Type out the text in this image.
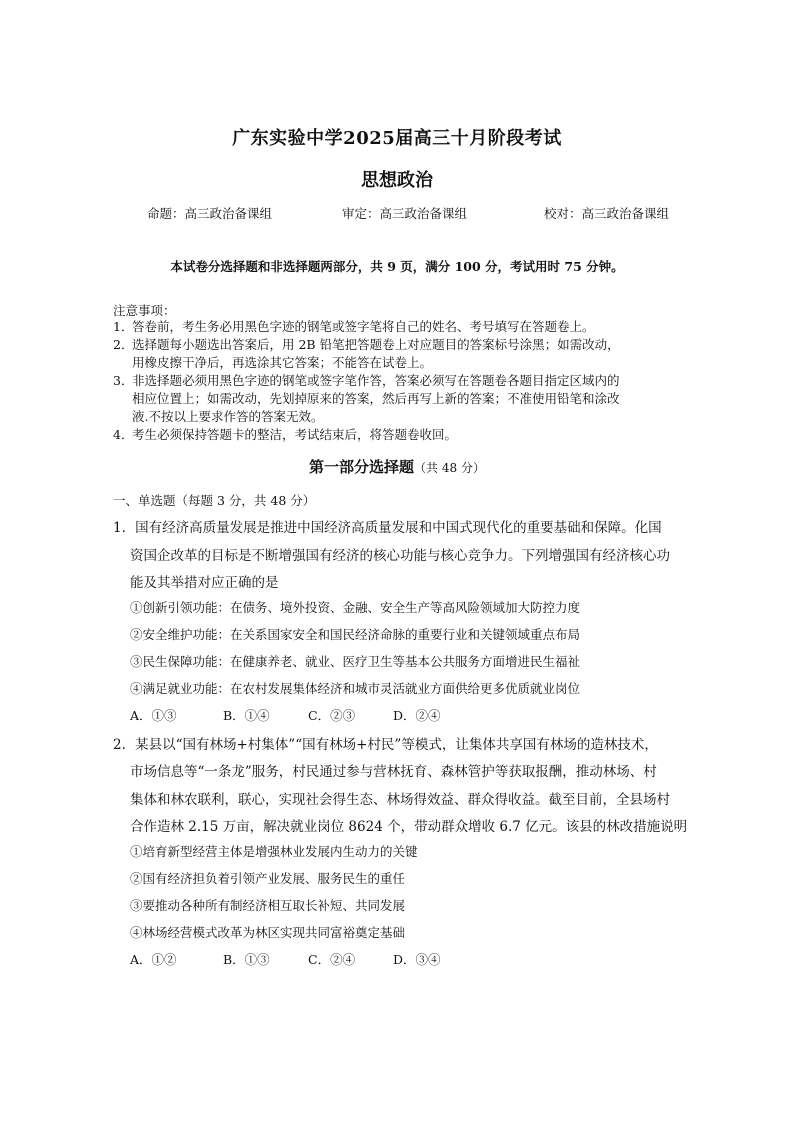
广东实验中学2025届高三十月阶段考试
思想政治
命题：高三政治备课组	审定：高三政治备课组	校对：高三政治备课组
本试卷分选择题和非选择题两部分，共 9 页，满分 100 分，考试用时 75 分钟。
注意事项：
1．
答卷前，考生务必用黑色字迹的钢笔或签字笔将自己的姓名、考号填写在答题卷上。
2．
选择题每小题选出答案后，用 2B 铅笔把答题卷上对应题目的答案标号涂黑；如需改动，
用橡皮擦干净后，再选涂其它答案；不能答在试卷上。
3．
非选择题必须用黑色字迹的钢笔或签字笔作答，答案必须写在答题卷各题目指定区域内的
相应位置上；如需改动，先划掉原来的答案，然后再写上新的答案；不准使用铅笔和涂改
液.不按以上要求作答的答案无效。
4．
考生必须保持答题卡的整洁，考试结束后，将答题卷收回。
第一部分选择题（共 48 分）
一、单选题（每题 3 分，共 48 分）
1．国有经济高质量发展是推进中国经济高质量发展和中国式现代化的重要基础和保障。化国
资国企改革的目标是不断增强国有经济的核心功能与核心竞争力。下列增强国有经济核心功
能及其举措对应正确的是
①创新引领功能：在债务、境外投资、金融、安全生产等高风险领域加大防控力度
②安全维护功能：在关系国家安全和国民经济命脉的重要行业和关键领域重点布局
③民生保障功能：在健康养老、就业、医疗卫生等基本公共服务方面增进民生福祉
④满足就业功能：在农村发展集体经济和城市灵活就业方面供给更多优质就业岗位
A．①③	B．①④	C．②③	D．②④
2．某县以“国有林场+村集体”“国有林场+村民”等模式，让集体共享国有林场的造林技术，
市场信息等“一条龙”服务，村民通过参与营林抚育、森林管护等获取报酬，推动林场、村
集体和林农联利，联心，实现社会得生态、林场得效益、群众得收益。截至目前，全县场村
合作造林 2.15 万亩，解决就业岗位 8624 个，带动群众增收 6.7 亿元。该县的林改措施说明
①培育新型经营主体是增强林业发展内生动力的关键
②国有经济担负着引领产业发展、服务民生的重任
③要推动各种所有制经济相互取长补短、共同发展
④林场经营模式改革为林区实现共同富裕奠定基础
A．①②	B．①③	C．②④	D．③④
